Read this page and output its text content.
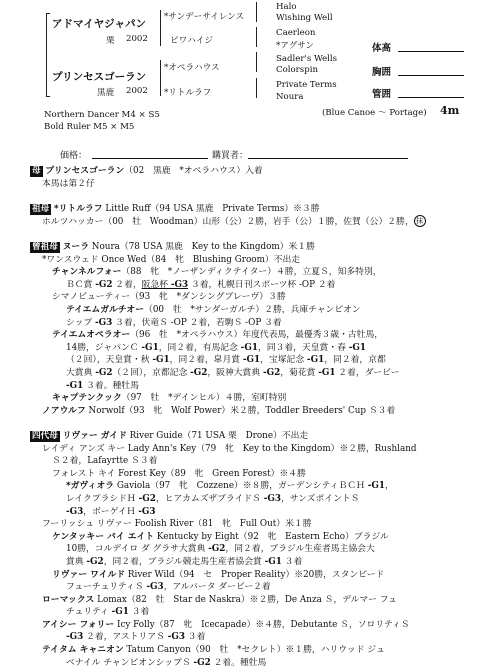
アドマイヤジャパン
栗 2002
プリンセスゴーラン
黒鹿 2002
*サンデーサイレンス
ビワハイジ
*オペラハウス
*リトルラフ
Halo
Wishing Well
Caerleon
*アグサン
Sadler's Wells
Colorspin
Private Terms
Noura
体高
胸囲
管囲
Northern Dancer M4 × S5
Bold Ruler M5 × M5
(Blue Canoe ～ Portage) 4m
価格：	購買者：
母 プリンセスゴーラン（02　黒鹿　*オペラハウス）入着
本馬は第２仔

祖母 *リトルラフ Little Ruff（94 USA 黒鹿　Private Terms）※３勝
ホルツハッカー（00　牡　Woodman）山形（公）２勝，岩手（公）１勝，佐賀（公）２勝， 抹

曾祖母 ヌーラ Noura（78 USA 黒鹿　Key to the Kingdom）米１勝
*ワンスウェド Once Wed（84　牝　Blushing Groom）不出走
チャンネルフォー（88　牝　*ノーザンディクテイター）４勝，立夏Ｓ，知多特別，
ＢＣ賞 -G2 ２着，阪急杯 -G3 ３着，札幌日刊スポーツ杯 -OP ２着
シマノビューティー（93　牝　*ダンシングブレーヴ）３勝
テイエムガルチオー（00　牡　*サンダーガルチ）２勝，兵庫チャンピオン
シップ -G3 ３着，伏竜Ｓ -OP ２着，若駒Ｓ -OP ３着
テイエムオペラオー（96　牡　*オペラハウス）年度代表馬，最優秀３歳・古牡馬，
14勝，ジャパンＣ -G1，同２着，有馬記念 -G1，同３着，天皇賞・春 -G1
（２回），天皇賞・秋 -G1，同２着，皐月賞 -G1，宝塚記念 -G1，同２着，京都
大賞典 -G2（２回），京都記念 -G2，阪神大賞典 -G2，菊花賞 -G1 ２着，ダービー
-G1 ３着。種牡馬
キャプテンクック（97　牡　*デインヒル）４勝，室町特別
ノアウルフ Norwolf（93　牝　Wolf Power）米２勝，Toddler Breeders' Cup Ｓ３着

四代母 リヴァー ガイド River Guide（71 USA 栗　Drone）不出走
レイディ アンズ キー Lady Ann's Key（79　牝　Key to the Kingdom）※２勝，Rushland
Ｓ２着，Lafayrtte Ｓ３着
フォレスト キイ Forest Key（89　牝　Green Forest）※４勝
*ガヴィオラ Gaviola（97　牝　Cozzene）※８勝，ガーデンシティＢＣＨ -G1，
レイクプラシドＨ -G2，ヒアカムズザブライドＳ -G3，サンズポイントＳ
-G3，ボーゲイＨ -G3
フーリッシュ リヴァー Foolish River（81　牝　Full Out）米１勝
ケンタッキー バイ エイト Kentucky by Eight（92　牝　Eastern Echo）ブラジル
10勝，コルデイロ ダ グラサ大賞典 -G2，同２着，ブラジル生産者馬主協会大
賞典 -G2，同２着，ブラジル競走馬生産者協会賞 -G1 ３着
リヴァー ワイルド River Wild（94　セ　Proper Reality）※20勝，スタンピード
フューチュリティＳ -G3，アルバータ ダービー２着
ローマックス Lomax（82　牡　Star de Naskra）※２勝，De Anza Ｓ，デルマー フュ
チュリティ -G1 ３着
アイシー フォリー Icy Folly（87　牝　Icecapade）※４勝，Debutante Ｓ，ソロリティＳ
-G3 ２着，アストリアＳ -G3 ３着
テイタム キャニオン Tatum Canyon（90　牡　*セクレト）※１勝，ハリウッド ジュ
ベナイル チャンピオンシップＳ -G2 ２着。種牡馬
